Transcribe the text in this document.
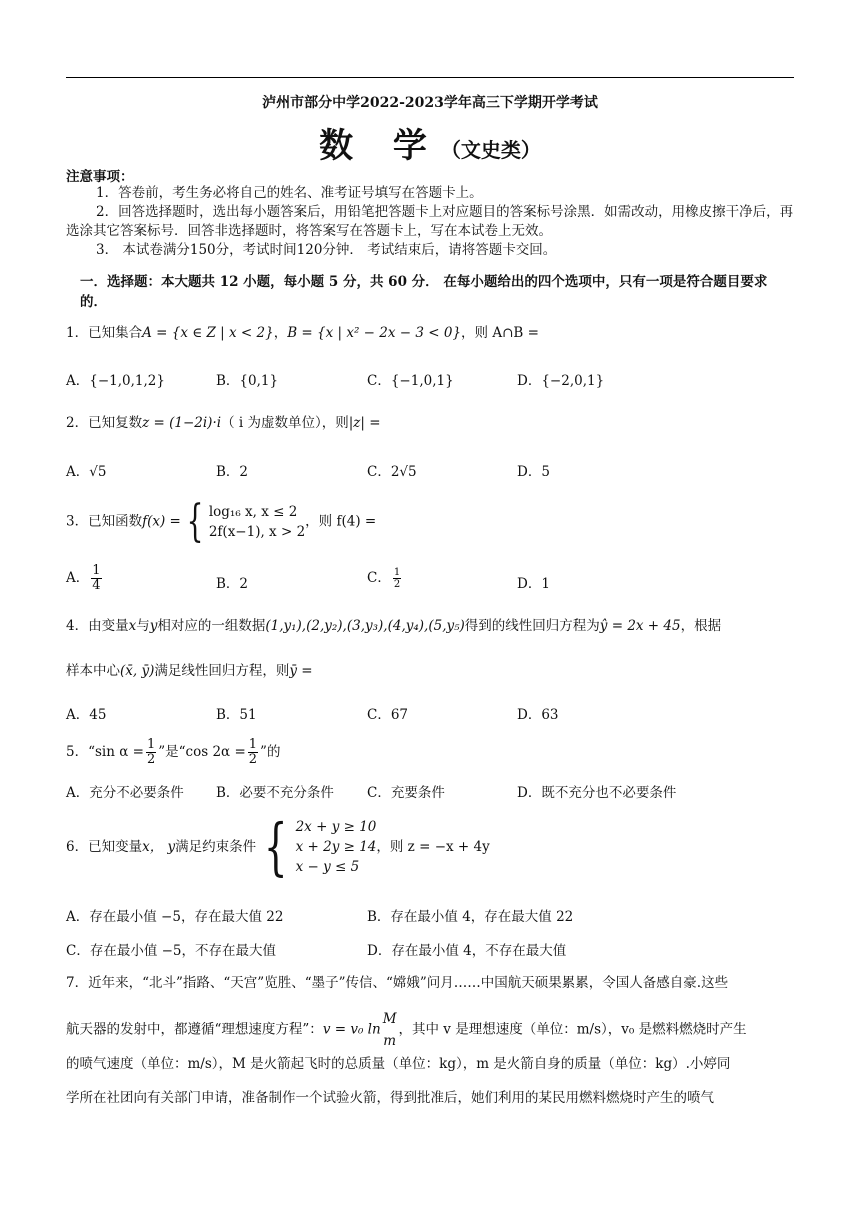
泸州市部分中学2022-2023学年高三下学期开学考试
数 学（文史类）
注意事项：
1．答卷前，考生务必将自己的姓名、准考证号填写在答题卡上。
2．回答选择题时，选出每小题答案后，用铅笔把答题卡上对应题目的答案标号涂黑．如需改动，用橡皮擦干净后，再选涂其它答案标号．回答非选择题时，将答案写在答题卡上，写在本试卷上无效。
3． 本试卷满分150分，考试时间120分钟． 考试结束后，请将答题卡交回。
一．选择题：本大题共 12 小题，每小题 5 分，共 60 分． 在每小题给出的四个选项中，只有一项是符合题目要求的．
1．已知集合A = {x ∈ Z | x < 2}，B = {x | x² − 2x − 3 < 0}，则 A∩B =
A．{−1,0,1,2}	B．{0,1}	C．{−1,0,1}	D．{−2,0,1}
2．已知复数z = (1−2i)·i（ i 为虚数单位），则|z| =
A．√5	B．2	C．2√5	D．5
3．已知函数f(x) = { log₁₆ x, x ≤ 2
2f(x−1), x > 2
，则 f(4) =
A． $\frac{1}{4}$	B．2	C． $\frac{1}{2}$	D．1
4．由变量x与y相对应的一组数据(1,y₁),(2,y₂),(3,y₃),(4,y₄),(5,y₅)得到的线性回归方程为ŷ = 2x + 45，根据
样本中心(x̄, ȳ)满足线性回归方程，则ȳ =
A．45	B．51	C．67	D．63
5．“sin $\alpha = \frac{1}{2}$ ”是“cos $2\alpha = \frac{1}{2}$ ”的
A．充分不必要条件 B．必要不充分条件 C．充要条件	D．既不充分也不必要条件
6．已知变量x， y满足约束条件 { 2x + y ≥ 10
x + 2y ≥ 14
x − y ≤ 5
，则 z = −x + 4y
A．存在最小值 −5，存在最大值 22	B．存在最小值 4，存在最大值 22
C．存在最小值 −5，不存在最大值	D．存在最小值 4，不存在最大值
7．近年来，“北斗”指路、“天宫”览胜、“墨子”传信、“嫦娥”问月……中国航天硕果累累，令国人备感自豪.这些
航天器的发射中，都遵循“理想速度方程”：v = v₀ ln
M
m
，其中 v 是理想速度（单位：m/s），v₀ 是燃料燃烧时产生
的喷气速度（单位：m/s），M 是火箭起飞时的总质量（单位：kg），m 是火箭自身的质量（单位：kg）.小婷同
学所在社团向有关部门申请，准备制作一个试验火箭，得到批准后，她们利用的某民用燃料燃烧时产生的喷气
